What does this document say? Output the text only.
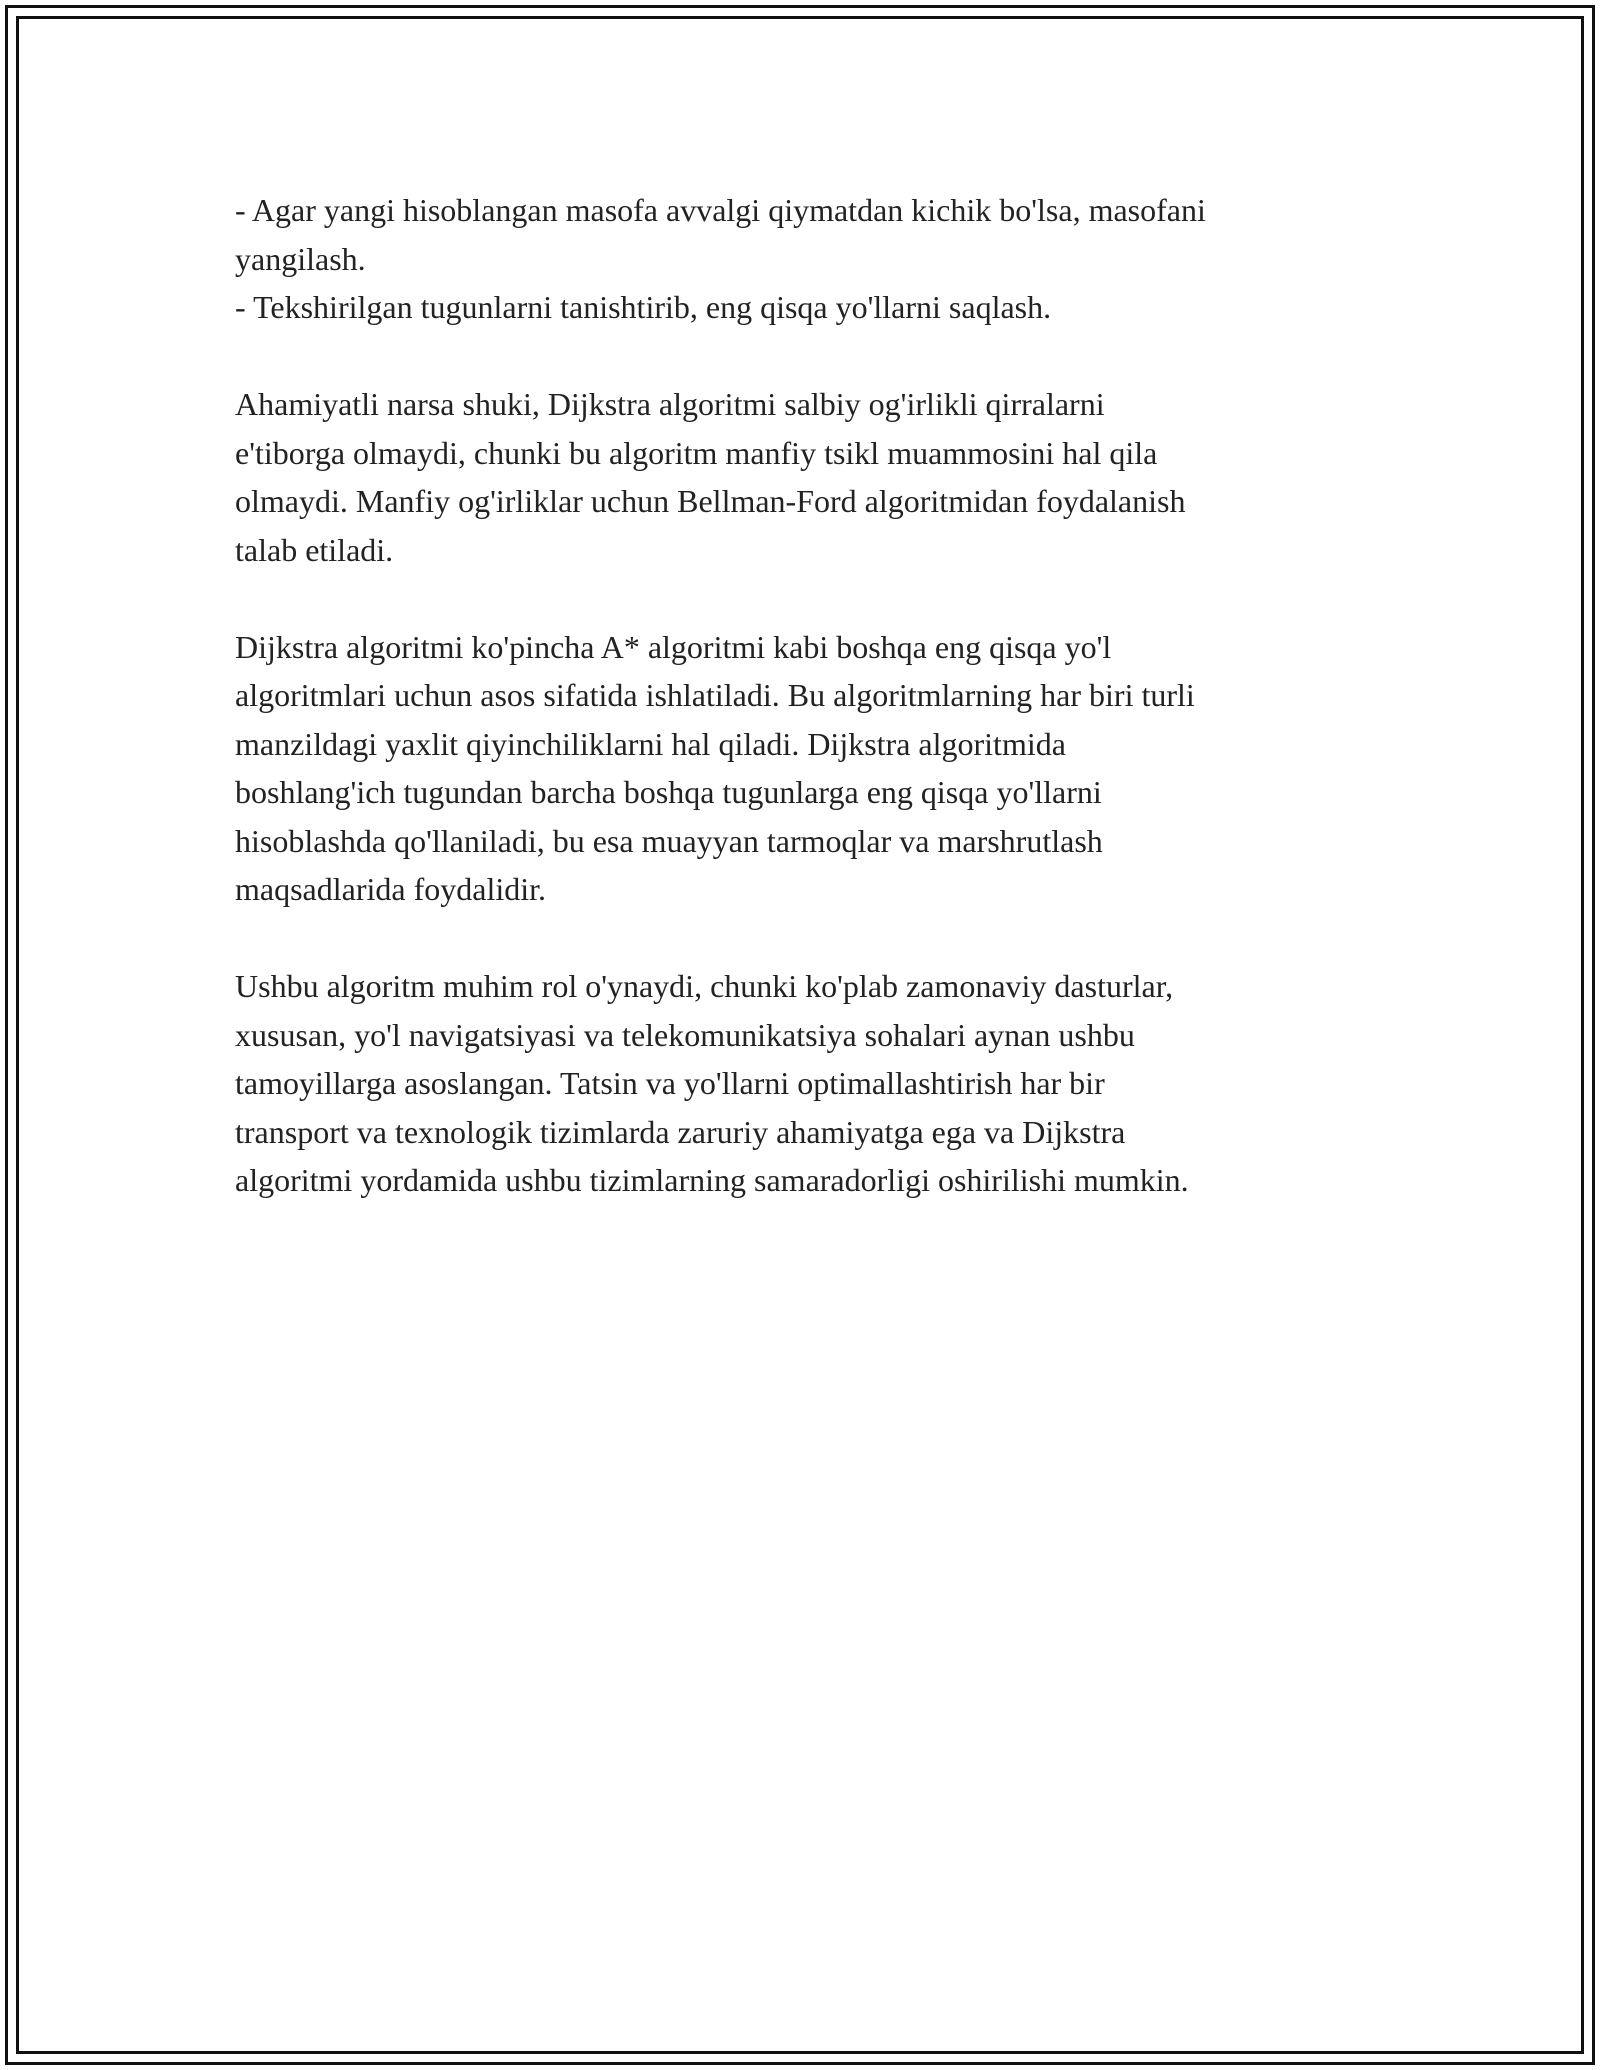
- Agar yangi hisoblangan masofa avvalgi qiymatdan kichik bo'lsa, masofani
yangilash.
- Tekshirilgan tugunlarni tanishtirib, eng qisqa yo'llarni saqlash.

Ahamiyatli narsa shuki, Dijkstra algoritmi salbiy og'irlikli qirralarni
e'tiborga olmaydi, chunki bu algoritm manfiy tsikl muammosini hal qila
olmaydi. Manfiy og'irliklar uchun Bellman-Ford algoritmidan foydalanish
talab etiladi.

Dijkstra algoritmi ko'pincha A* algoritmi kabi boshqa eng qisqa yo'l
algoritmlari uchun asos sifatida ishlatiladi. Bu algoritmlarning har biri turli
manzildagi yaxlit qiyinchiliklarni hal qiladi. Dijkstra algoritmida
boshlang'ich tugundan barcha boshqa tugunlarga eng qisqa yo'llarni
hisoblashda qo'llaniladi, bu esa muayyan tarmoqlar va marshrutlash
maqsadlarida foydalidir.

Ushbu algoritm muhim rol o'ynaydi, chunki ko'plab zamonaviy dasturlar,
xususan, yo'l navigatsiyasi va telekomunikatsiya sohalari aynan ushbu
tamoyillarga asoslangan. Tatsin va yo'llarni optimallashtirish har bir
transport va texnologik tizimlarda zaruriy ahamiyatga ega va Dijkstra
algoritmi yordamida ushbu tizimlarning samaradorligi oshirilishi mumkin.
